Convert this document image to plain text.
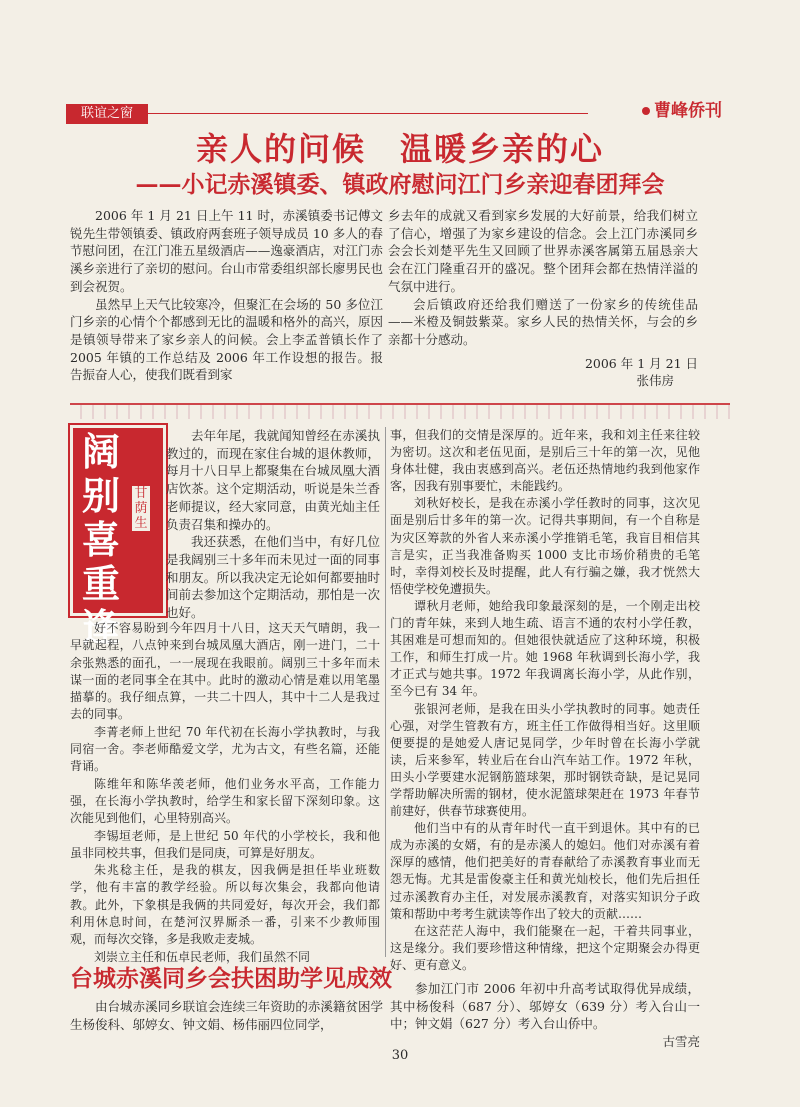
联谊之窗	曹峰侨刊
亲人的问候　温暖乡亲的心
——小记赤溪镇委、镇政府慰问江门乡亲迎春团拜会

2006 年 1 月 21 日上午 11 时，赤溪镇委书记傅文锐先生带领镇委、镇政府两套班子领导成员 10 多人的春节慰问团，在江门准五星级酒店——逸豪酒店，对江门赤溪乡亲进行了亲切的慰问。台山市常委组织部长廖男民也到会祝贺。

虽然早上天气比较寒冷，但聚汇在会场的 50 多位江门乡亲的心情个个都感到无比的温暖和格外的高兴，原因是镇领导带来了家乡亲人的问候。会上李孟普镇长作了 2005 年镇的工作总结及 2006 年工作设想的报告。报告振奋人心，使我们既看到家

乡去年的成就又看到家乡发展的大好前景，给我们树立了信心，增强了为家乡建设的信念。会上江门赤溪同乡会会长刘楚平先生又回顾了世界赤溪客属第五届恳亲大会在江门隆重召开的盛况。整个团拜会都在热情洋溢的气氛中进行。

会后镇政府还给我们赠送了一份家乡的传统佳品——米橙及铜鼓紫菜。家乡人民的热情关怀，与会的乡亲都十分感动。

2006 年 1 月 21 日

张伟房

阔
别
喜
重
逢
甘荫生

去年年尾，我就闻知曾经在赤溪执教过的，而现在家住台城的退休教师，每月十八日早上都聚集在台城凤凰大酒店饮茶。这个定期活动，听说是朱兰香老师提议，经大家同意，由黄光灿主任负责召集和操办的。

我还获悉，在他们当中，有好几位是我阔别三十多年而未见过一面的同事和朋友。所以我决定无论如何都要抽时间前去参加这个定期活动，那怕是一次也好。

好不容易盼到今年四月十八日，这天天气晴朗，我一早就起程，八点钟来到台城凤凰大酒店，刚一进门，二十余张熟悉的面孔，一一展现在我眼前。阔别三十多年而未谋一面的老同事全在其中。此时的激动心情是难以用笔墨描摹的。我仔细点算，一共二十四人，其中十二人是我过去的同事。

李菁老师上世纪 70 年代初在长海小学执教时，与我同宿一舍。李老师酷爱文学，尤为古文，有些名篇，还能背诵。

陈维年和陈华羡老师，他们业务水平高，工作能力强，在长海小学执教时，给学生和家长留下深刻印象。这次能见到他们，心里特别高兴。

李锡垣老师，是上世纪 50 年代的小学校长，我和他虽非同校共事，但我们是同庚，可算是好朋友。

朱兆稔主任，是我的棋友，因我俩是担任毕业班数学，他有丰富的教学经验。所以每次集会，我都向他请教。此外，下象棋是我俩的共同爱好，每次开会，我们都利用休息时间，在楚河汉界厮杀一番，引来不少教师围观，而每次交锋，多是我败走麦城。

刘崇立主任和伍卓民老师，我们虽然不同

事，但我们的交情是深厚的。近年来，我和刘主任来往较为密切。这次和老伍见面，是别后三十年的第一次，见他身体壮健，我由衷感到高兴。老伍还热情地约我到他家作客，因我有别事要忙，未能践约。

刘秋好校长，是我在赤溪小学任教时的同事，这次见面是别后廿多年的第一次。记得共事期间，有一个自称是为灾区筹款的外省人来赤溪小学推销毛笔，我盲目相信其言是实，正当我准备购买 1000 支比市场价稍贵的毛笔时，幸得刘校长及时提醒，此人有行骗之嫌，我才恍然大悟使学校免遭损失。

谭秋月老师，她给我印象最深刻的是，一个刚走出校门的青年妹，来到人地生疏、语言不通的农村小学任教，其困难是可想而知的。但她很快就适应了这种环境，积极工作，和师生打成一片。她 1968 年秋调到长海小学，我才正式与她共事。1972 年我调离长海小学，从此作别，至今已有 34 年。

张银河老师，是我在田头小学执教时的同事。她责任心强，对学生管教有方，班主任工作做得相当好。这里顺便要提的是她爱人唐记晃同学，少年时曾在长海小学就读，后来参军，转业后在台山汽车站工作。1972 年秋，田头小学要建水泥钢筋篮球架，那时钢铁奇缺，是记晃同学帮助解决所需的钢材，使水泥篮球架赶在 1973 年春节前建好，供春节球赛使用。

他们当中有的从青年时代一直干到退休。其中有的已成为赤溪的女婿，有的是赤溪人的媳妇。他们对赤溪有着深厚的感情，他们把美好的青春献给了赤溪教育事业而无怨无悔。尤其是雷俊豪主任和黄光灿校长，他们先后担任过赤溪教育办主任，对发展赤溪教育，对落实知识分子政策和帮助中考考生就读等作出了较大的贡献……

在这茫茫人海中，我们能聚在一起，干着共同事业，这是缘分。我们要珍惜这种情缘，把这个定期聚会办得更好、更有意义。

台城赤溪同乡会扶困助学见成效

由台城赤溪同乡联谊会连续三年资助的赤溪籍贫困学生杨俊科、邬婷女、钟文娟、杨伟丽四位同学，

参加江门市 2006 年初中升高考试取得优异成绩，其中杨俊科（687 分）、邬婷女（639 分）考入台山一中；钟文娟（627 分）考入台山侨中。

古雪亮

30
